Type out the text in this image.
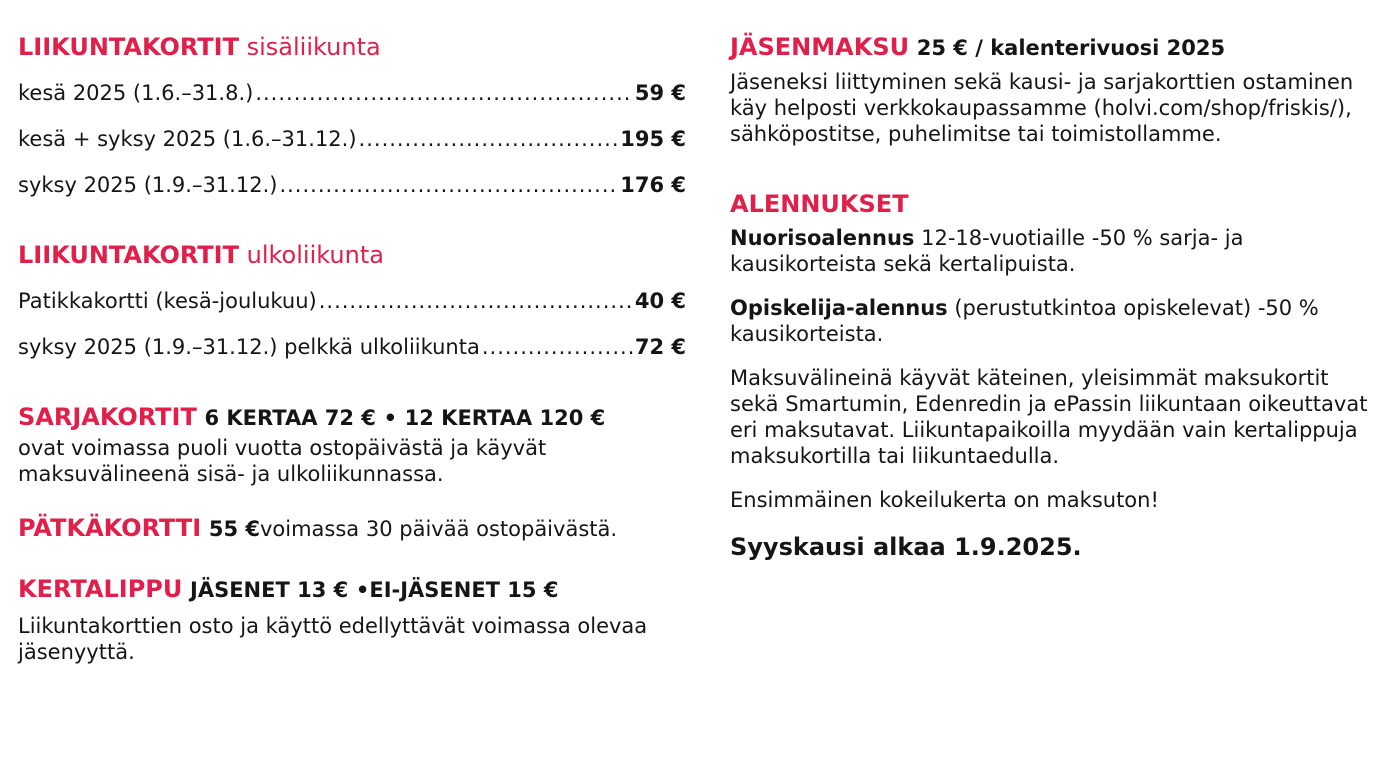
LIIKUNTAKORTIT sisäliikunta
kesä 2025 (1.6.–31.8.) .....	59 €
kesä + syksy 2025 (1.6.–31.12.) .....	195 €
syksy 2025 (1.9.–31.12.) .....	176 €
LIIKUNTAKORTIT ulkoliikunta
Patikkakortti (kesä-joulukuu) .....	40 €
syksy 2025 (1.9.–31.12.) pelkkä ulkoliikunta .....	72 €
SARJAKORTIT 6 KERTAA 72 € • 12 KERTAA 120 €

ovat voimassa puoli vuotta ostopäivästä ja käyvät maksuvälineenä sisä- ja ulkoliikunnassa.

PÄTKÄKORTTI 55 €voimassa 30 päivää ostopäivästä.
KERTALIPPU JÄSENET 13 € •EI-JÄSENET 15 €

Liikuntakorttien osto ja käyttö edellyttävät voimassa olevaa jäsenyyttä.

JÄSENMAKSU 25 € / kalenterivuosi 2025

Jäseneksi liittyminen sekä kausi- ja sarjakorttien ostaminen käy helposti verkkokaupassamme (holvi.com/shop/friskis/), sähköpostitse, puhelimitse tai toimistollamme.

ALENNUKSET

Nuorisoalennus 12-18-vuotiaille -50 % sarja- ja kausikorteista sekä kertalipuista.

Opiskelija-alennus (perustutkintoa opiskelevat) -50 % kausikorteista.

Maksuvälineinä käyvät käteinen, yleisimmät maksukortit sekä Smartumin, Edenredin ja ePassin liikuntaan oikeuttavat eri maksutavat. Liikuntapaikoilla myydään vain kertalippuja maksukortilla tai liikuntaedulla.

Ensimmäinen kokeilukerta on maksuton!

Syyskausi alkaa 1.9.2025.
